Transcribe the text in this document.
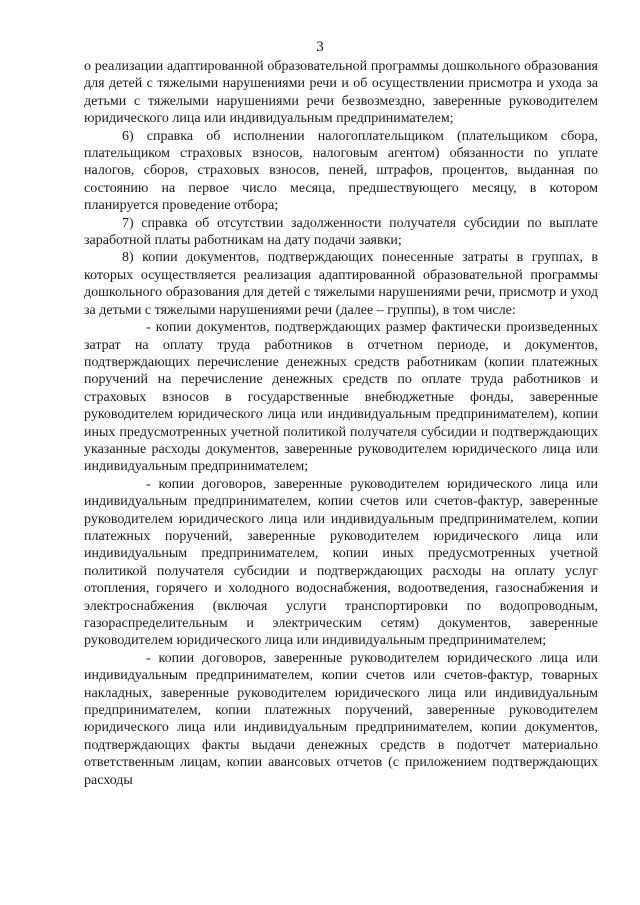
3

о реализации адаптированной образовательной программы дошкольного образования для детей с тяжелыми нарушениями речи и об осуществлении присмотра и ухода за детьми с тяжелыми нарушениями речи безвозмездно, заверенные руководителем юридического лица или индивидуальным предпринимателем;

6) справка об исполнении налогоплательщиком (плательщиком сбора, плательщиком страховых взносов, налоговым агентом) обязанности по уплате налогов, сборов, страховых взносов, пеней, штрафов, процентов, выданная по состоянию на первое число месяца, предшествующего месяцу, в котором планируется проведение отбора;

7) справка об отсутствии задолженности получателя субсидии по выплате заработной платы работникам на дату подачи заявки;

8) копии документов, подтверждающих понесенные затраты в группах, в которых осуществляется реализация адаптированной образовательной программы дошкольного образования для детей с тяжелыми нарушениями речи, присмотр и уход за детьми с тяжелыми нарушениями речи (далее – группы), в том числе:

- копии документов, подтверждающих размер фактически произведенных затрат на оплату труда работников в отчетном периоде, и документов, подтверждающих перечисление денежных средств работникам (копии платежных поручений на перечисление денежных средств по оплате труда работников и страховых взносов в государственные внебюджетные фонды, заверенные руководителем юридического лица или индивидуальным предпринимателем), копии иных предусмотренных учетной политикой получателя субсидии и подтверждающих указанные расходы документов, заверенные руководителем юридического лица или индивидуальным предпринимателем;

- копии договоров, заверенные руководителем юридического лица или индивидуальным предпринимателем, копии счетов или счетов-фактур, заверенные руководителем юридического лица или индивидуальным предпринимателем, копии платежных поручений, заверенные руководителем юридического лица или индивидуальным предпринимателем, копии иных предусмотренных учетной политикой получателя субсидии и подтверждающих расходы на оплату услуг отопления, горячего и холодного водоснабжения, водоотведения, газоснабжения и электроснабжения (включая услуги транспортировки по водопроводным, газораспределительным и электрическим сетям) документов, заверенные руководителем юридического лица или индивидуальным предпринимателем;

- копии договоров, заверенные руководителем юридического лица или индивидуальным предпринимателем, копии счетов или счетов-фактур, товарных накладных, заверенные руководителем юридического лица или индивидуальным предпринимателем, копии платежных поручений, заверенные руководителем юридического лица или индивидуальным предпринимателем, копии документов, подтверждающих факты выдачи денежных средств в подотчет материально ответственным лицам, копии авансовых отчетов (с приложением подтверждающих расходы
